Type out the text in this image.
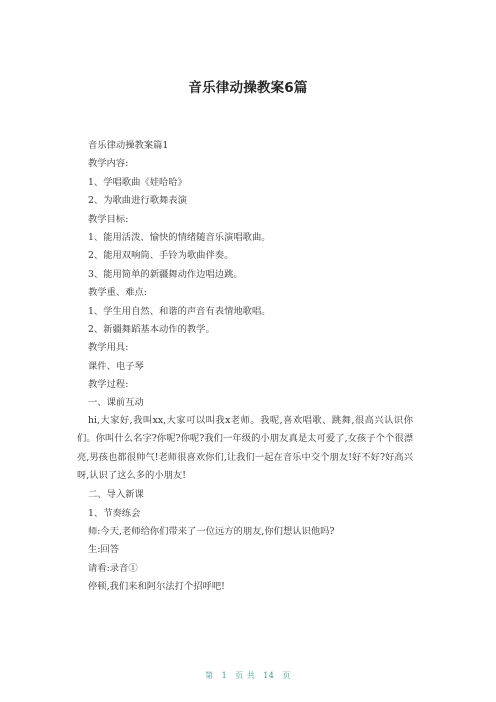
音乐律动操教案6篇
音乐律动操教案篇1
教学内容:
1、学唱歌曲《娃哈哈》
2、为歌曲进行歌舞表演
教学目标:
1、能用活泼、愉快的情绪随音乐演唱歌曲。
2、能用双响筒、手铃为歌曲伴奏。
3、能用简单的新疆舞动作边唱边跳。
教学重、难点:
1、学生用自然、和谐的声音有表情地歌唱。
2、新疆舞蹈基本动作的教学。
教学用具:
课件、电子琴
教学过程:
一、课前互动
hi,大家好,我叫xx,大家可以叫我x老师。我呢,喜欢唱歌、跳舞,很高兴认识你们。你叫什么名字?你呢?你呢?我们一年级的小朋友真是太可爱了,女孩子个个很漂亮,男孩也都很帅气!老师很喜欢你们,让我们一起在音乐中交个朋友!好不好?好高兴呀,认识了这么多的小朋友!
二、导入新课
1、节奏练会
师:今天,老师给你们带来了一位远方的朋友,你们想认识他吗?
生:回答
请看:录音①
停顿,我们来和阿尔法打个招呼吧!
第 1 页 共 14 页
